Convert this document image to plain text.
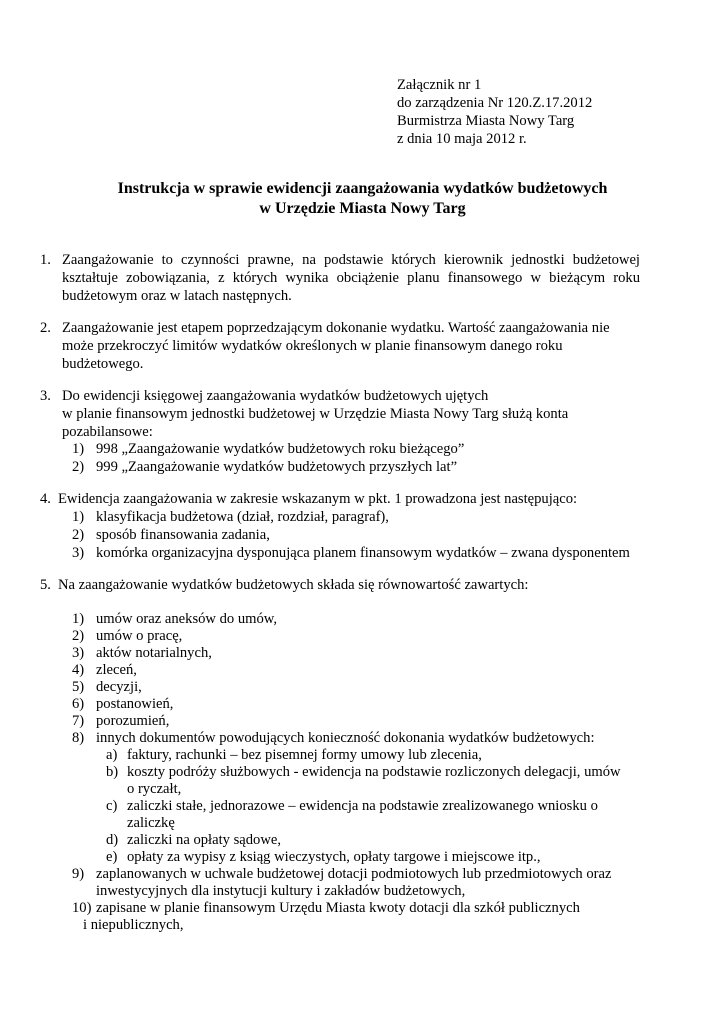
Załącznik nr 1
do zarządzenia Nr 120.Z.17.2012
Burmistrza Miasta Nowy Targ
z dnia 10 maja 2012 r.
Instrukcja w sprawie ewidencji zaangażowania wydatków budżetowych
w Urzędzie Miasta Nowy Targ
1. Zaangażowanie to czynności prawne, na podstawie których kierownik jednostki budżetowej
kształtuje zobowiązania, z których wynika obciążenie planu finansowego w bieżącym roku
budżetowym oraz w latach następnych.
2. Zaangażowanie jest etapem poprzedzającym dokonanie wydatku. Wartość zaangażowania nie
może przekroczyć limitów wydatków określonych w planie finansowym danego roku
budżetowego.
3. Do ewidencji księgowej zaangażowania wydatków budżetowych ujętych
w planie finansowym jednostki budżetowej w Urzędzie Miasta Nowy Targ służą konta
pozabilansowe:
1) 998 „Zaangażowanie wydatków budżetowych roku bieżącego”
2) 999 „Zaangażowanie wydatków budżetowych przyszłych lat”
4. Ewidencja zaangażowania w zakresie wskazanym w pkt. 1 prowadzona jest następująco:
1) klasyfikacja budżetowa (dział, rozdział, paragraf),
2) sposób finansowania zadania,
3) komórka organizacyjna dysponująca planem finansowym wydatków – zwana dysponentem
5. Na zaangażowanie wydatków budżetowych składa się równowartość zawartych:
1) umów oraz aneksów do umów,
2) umów o pracę,
3) aktów notarialnych,
4) zleceń,
5) decyzji,
6) postanowień,
7) porozumień,
8) innych dokumentów powodujących konieczność dokonania wydatków budżetowych:
a) faktury, rachunki – bez pisemnej formy umowy lub zlecenia,
b) koszty podróży służbowych - ewidencja na podstawie rozliczonych delegacji, umów
o ryczałt,
c) zaliczki stałe, jednorazowe – ewidencja na podstawie zrealizowanego wniosku o
zaliczkę
d) zaliczki na opłaty sądowe,
e) opłaty za wypisy z ksiąg wieczystych, opłaty targowe i miejscowe itp.,
9) zaplanowanych w uchwale budżetowej dotacji podmiotowych lub przedmiotowych oraz
inwestycyjnych dla instytucji kultury i zakładów budżetowych,
10) zapisane w planie finansowym Urzędu Miasta kwoty dotacji dla szkół publicznych
i niepublicznych,
